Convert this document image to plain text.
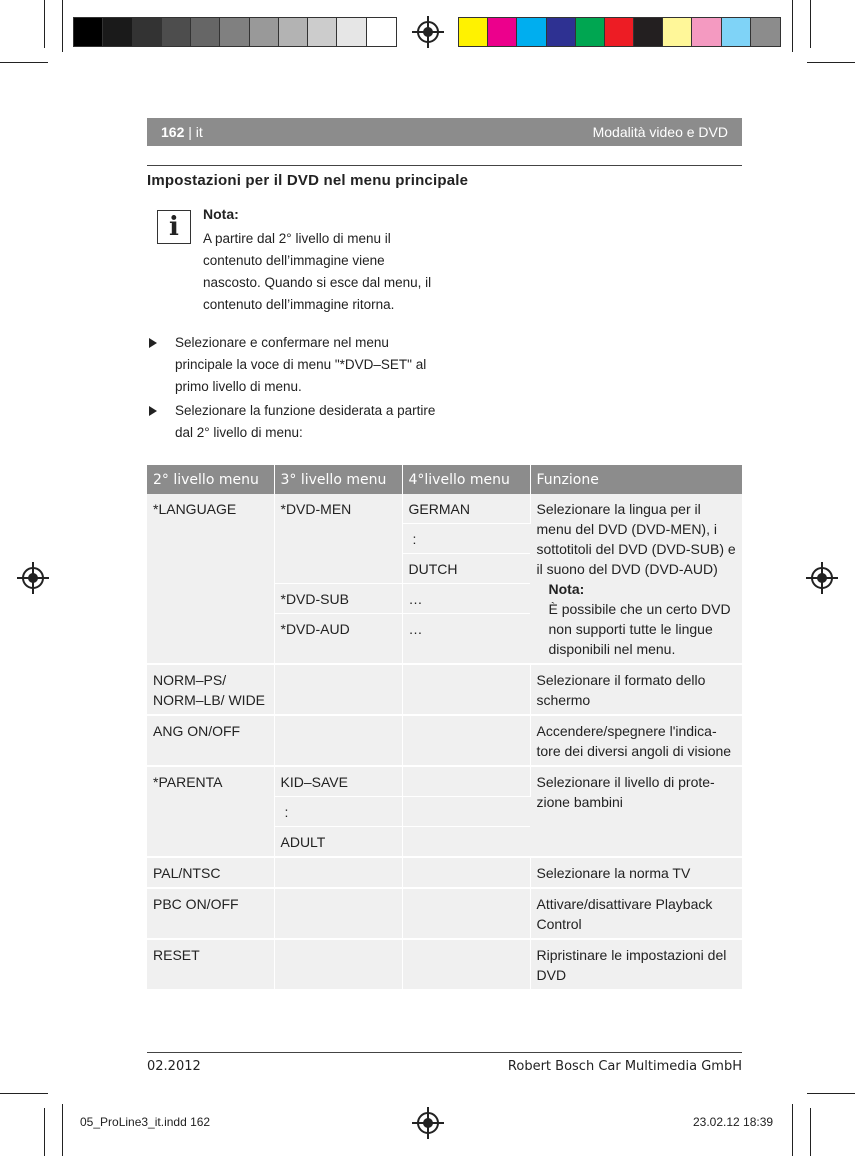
162 | it	Modalità video e DVD
Impostazioni per il DVD nel menu principale
i	Nota:
A partire dal 2° livello di menu il contenuto dell’immagine viene nascosto. Quando si esce dal menu, il contenuto dell’immagine ritorna.
Selezionare e confermare nel menu principale la voce di menu "*DVD–SET" al primo livello di menu.
Selezionare la funzione desiderata a partire dal 2° livello di menu:
2° livello menu	3° livello menu	4°livello menu	Funzione
*LANGUAGE	*DVD-MEN	GERMAN	Selezionare la lingua per il menu del DVD (DVD-MEN), i sottotitoli del DVD (DVD-SUB) e il suono del DVD (DVD-AUD)
Nota:
È possibile che un certo DVD non supporti tutte le lingue disponibili nel menu.

		:	
		DUTCH	
	*DVD-SUB	…	
	*DVD-AUD	…	
NORM–PS/ NORM–LB/ WIDE			Selezionare il formato dello schermo
ANG ON/OFF			Accendere/spegnere l'indica-tore dei diversi angoli di visione
*PARENTA	KID–SAVE		Selezionare il livello di prote-zione bambini
	:		
	ADULT		
PAL/NTSC			Selezionare la norma TV
PBC ON/OFF			Attivare/disattivare Playback Control
RESET			Ripristinare le impostazioni del DVD
02.2012	Robert Bosch Car Multimedia GmbH
05_ProLine3_it.indd 162	23.02.12 18:39
